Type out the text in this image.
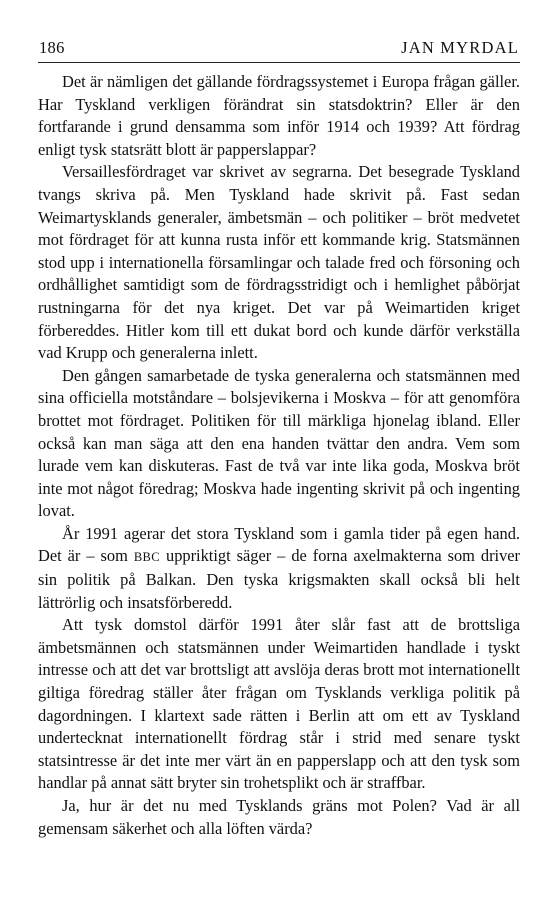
186	JAN MYRDAL

Det är nämligen det gällande fördragssystemet i Europa frågan gäller. Har Tyskland verkligen förändrat sin statsdoktrin? Eller är den fortfarande i grund densamma som inför 1914 och 1939? Att fördrag enligt tysk statsrätt blott är papperslappar?

Versaillesfördraget var skrivet av segrarna. Det besegrade Tyskland tvangs skriva på. Men Tyskland hade skrivit på. Fast sedan Weimartysklands generaler, ämbetsmän – och politiker – bröt medvetet mot fördraget för att kunna rusta inför ett kommande krig. Statsmännen stod upp i internationella församlingar och talade fred och försoning och ordhållighet samtidigt som de fördragsstridigt och i hemlighet påbörjat rustningarna för det nya kriget. Det var på Weimartiden kriget förbereddes. Hitler kom till ett dukat bord och kunde därför verkställa vad Krupp och generalerna inlett.

Den gången samarbetade de tyska generalerna och statsmännen med sina officiella motståndare – bolsjevikerna i Moskva – för att genomföra brottet mot fördraget. Politiken för till märkliga hjonelag ibland. Eller också kan man säga att den ena handen tvättar den andra. Vem som lurade vem kan diskuteras. Fast de två var inte lika goda, Moskva bröt inte mot något föredrag; Moskva hade ingenting skrivit på och ingenting lovat.

År 1991 agerar det stora Tyskland som i gamla tider på egen hand. Det är – som BBC uppriktigt säger – de forna axelmakterna som driver sin politik på Balkan. Den tyska krigsmakten skall också bli helt lättrörlig och insatsförberedd.

Att tysk domstol därför 1991 åter slår fast att de brottsliga ämbetsmännen och statsmännen under Weimartiden handlade i tyskt intresse och att det var brottsligt att avslöja deras brott mot internationellt giltiga föredrag ställer åter frågan om Tysklands verkliga politik på dagordningen. I klartext sade rätten i Berlin att om ett av Tyskland undertecknat internationellt fördrag står i strid med senare tyskt statsintresse är det inte mer värt än en papperslapp och att den tysk som handlar på annat sätt bryter sin trohetsplikt och är straffbar.

Ja, hur är det nu med Tysklands gräns mot Polen? Vad är all gemensam säkerhet och alla löften värda?
